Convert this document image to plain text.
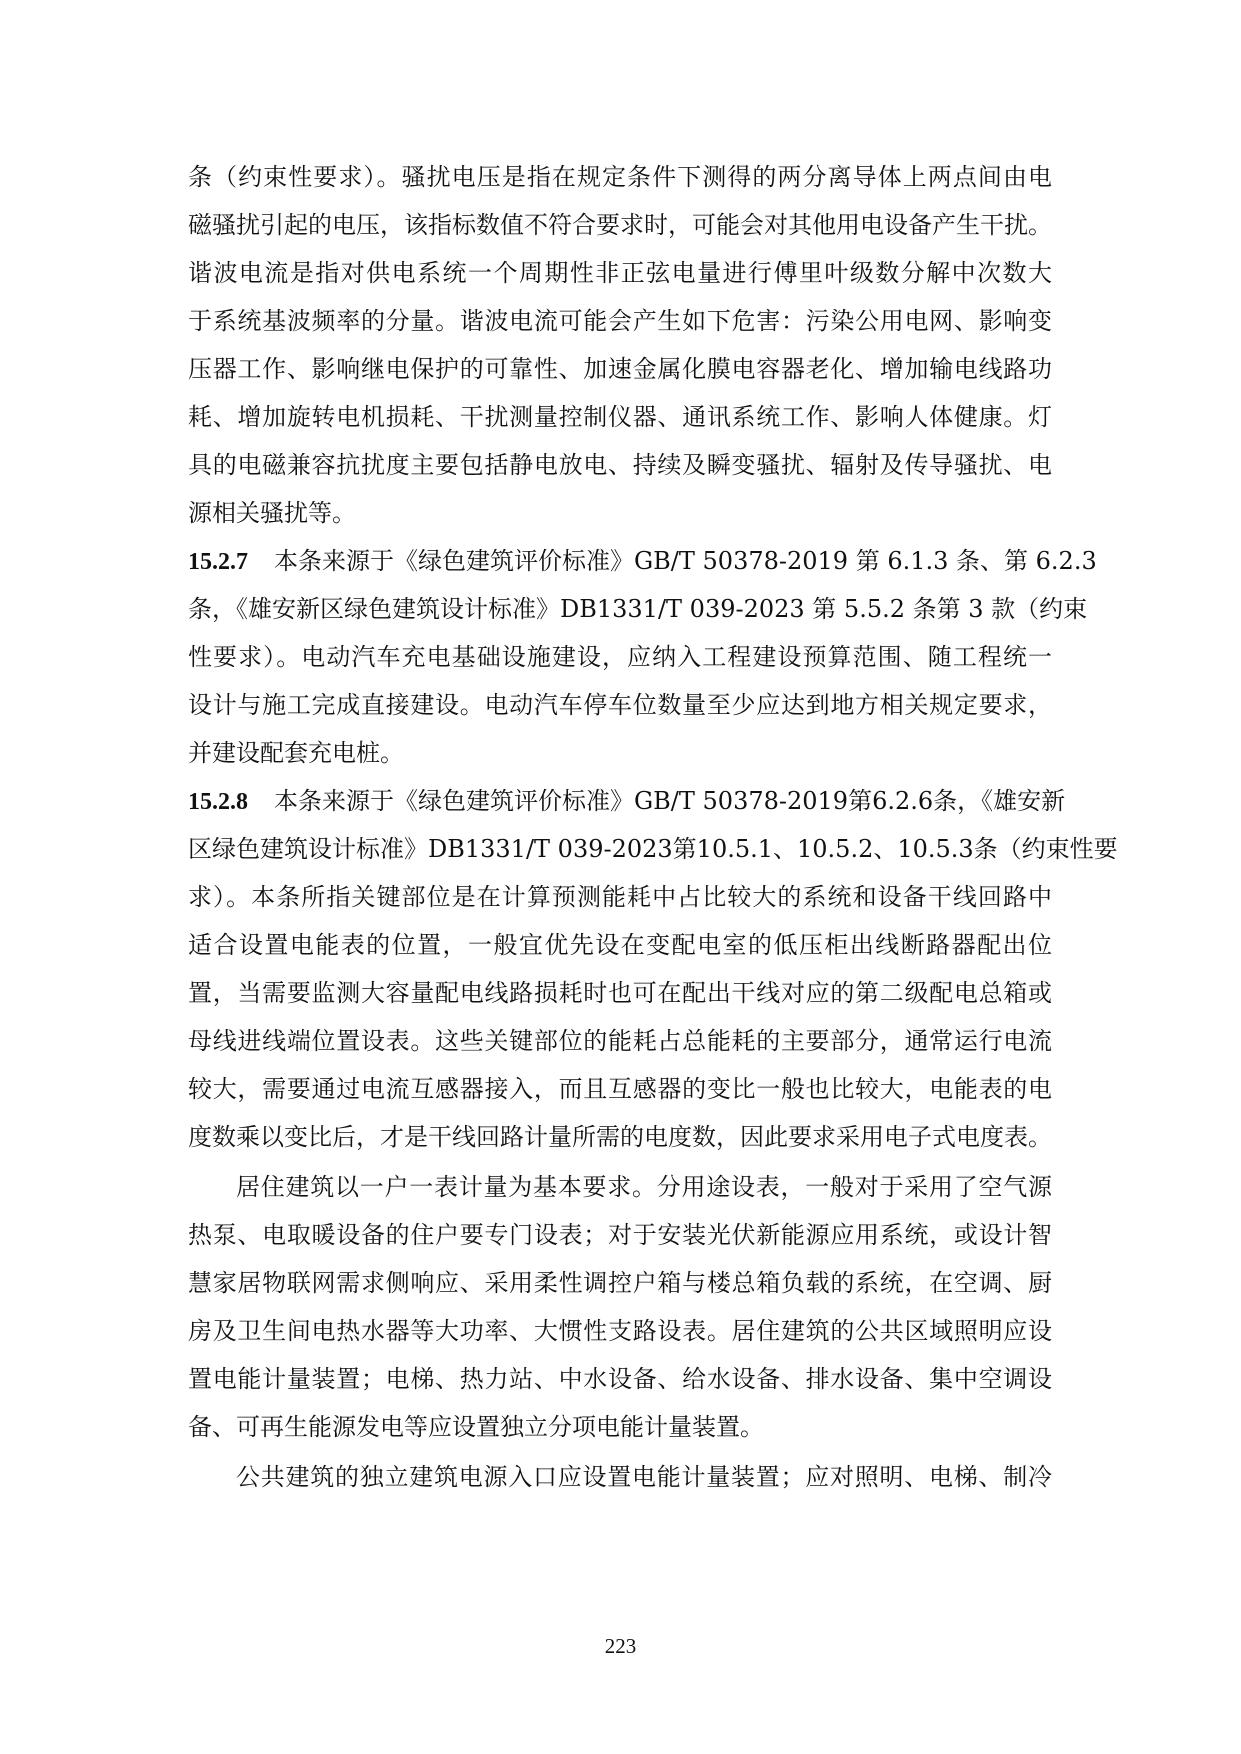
条（约束性要求）。骚扰电压是指在规定条件下测得的两分离导体上两点间由电
磁骚扰引起的电压，该指标数值不符合要求时，可能会对其他用电设备产生干扰。
谐波电流是指对供电系统一个周期性非正弦电量进行傅里叶级数分解中次数大
于系统基波频率的分量。谐波电流可能会产生如下危害：污染公用电网、影响变
压器工作、影响继电保护的可靠性、加速金属化膜电容器老化、增加输电线路功
耗、增加旋转电机损耗、干扰测量控制仪器、通讯系统工作、影响人体健康。灯
具的电磁兼容抗扰度主要包括静电放电、持续及瞬变骚扰、辐射及传导骚扰、电
源相关骚扰等。
15.2.7 本条来源于《绿色建筑评价标准》GB/T 50378-2019 第 6.1.3 条、第 6.2.3
条，《雄安新区绿色建筑设计标准》DB1331/T 039-2023 第 5.5.2 条第 3 款（约束
性要求）。电动汽车充电基础设施建设，应纳入工程建设预算范围、随工程统一
设计与施工完成直接建设。电动汽车停车位数量至少应达到地方相关规定要求，
并建设配套充电桩。
15.2.8 本条来源于《绿色建筑评价标准》GB/T 50378-2019第6.2.6条，《雄安新
区绿色建筑设计标准》DB1331/T 039-2023第10.5.1、10.5.2、10.5.3条（约束性要
求）。本条所指关键部位是在计算预测能耗中占比较大的系统和设备干线回路中
适合设置电能表的位置，一般宜优先设在变配电室的低压柜出线断路器配出位
置，当需要监测大容量配电线路损耗时也可在配出干线对应的第二级配电总箱或
母线进线端位置设表。这些关键部位的能耗占总能耗的主要部分，通常运行电流
较大，需要通过电流互感器接入，而且互感器的变比一般也比较大，电能表的电
度数乘以变比后，才是干线回路计量所需的电度数，因此要求采用电子式电度表。
居住建筑以一户一表计量为基本要求。分用途设表，一般对于采用了空气源
热泵、电取暖设备的住户要专门设表；对于安装光伏新能源应用系统，或设计智
慧家居物联网需求侧响应、采用柔性调控户箱与楼总箱负载的系统，在空调、厨
房及卫生间电热水器等大功率、大惯性支路设表。居住建筑的公共区域照明应设
置电能计量装置；电梯、热力站、中水设备、给水设备、排水设备、集中空调设
备、可再生能源发电等应设置独立分项电能计量装置。
公共建筑的独立建筑电源入口应设置电能计量装置；应对照明、电梯、制冷
223
